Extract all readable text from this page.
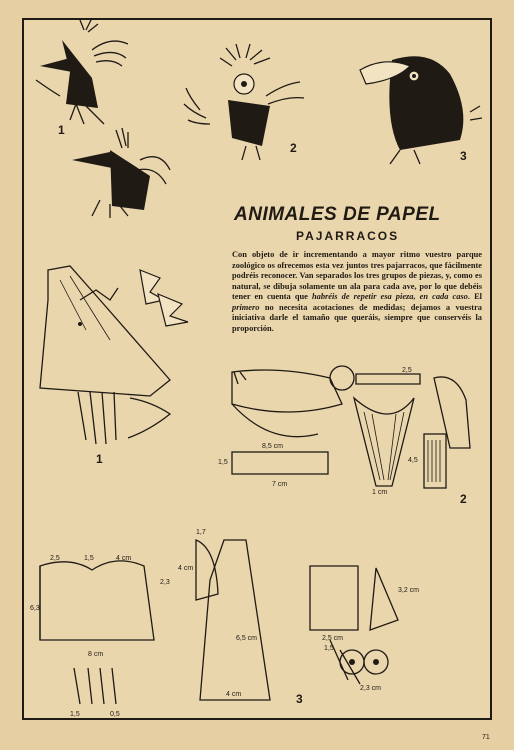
2,5	1,5	4 cm
6,3
2,3
8 cm
1,5	0,5
4 cm
1,7
4 cm
6,5 cm
8,5 cm
1,5
7 cm
1 cm
4,5
2,5 cm
3,2 cm
1,5
2,3 cm
2,5
1
2
3
1
2
3
ANIMALES DE PAPEL
PAJARRACOS
Con objeto de ir incrementando a mayor ritmo vuestro parque zoológico os ofrecemos esta vez juntos tres pajarracos, que fácilmente podréis reconocer. Van separados los tres grupos de piezas, y, como es natural, se dibuja solamente un ala para cada ave, por lo que debéis tener en cuenta que habréis de repetir esa pieza, en cada caso. El primero no necesita acotaciones de medidas; dejamos a vuestra iniciativa darle el tamaño que queráis, siempre que conservéis la proporción.
71
